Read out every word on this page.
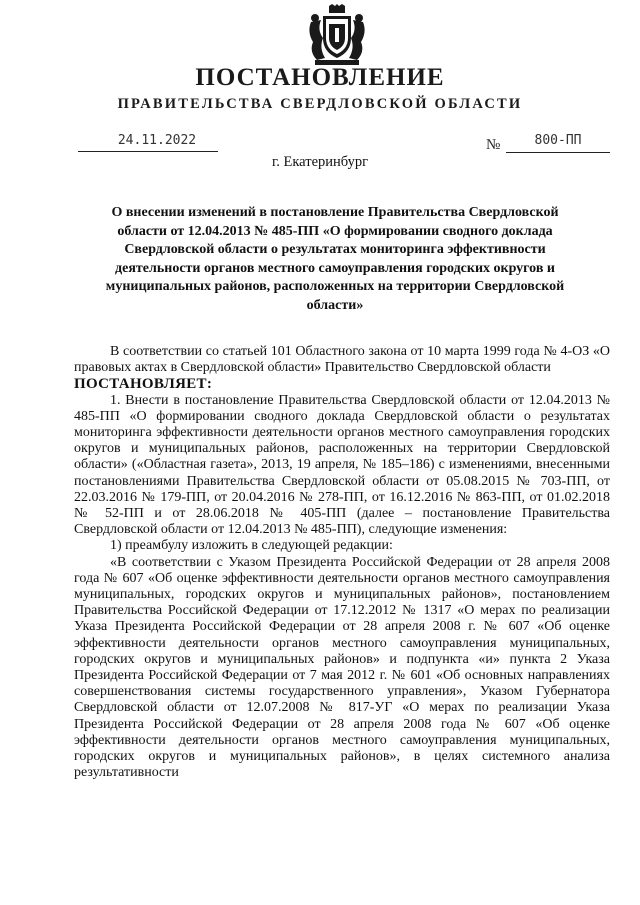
ПОСТАНОВЛЕНИЕ
ПРАВИТЕЛЬСТВА СВЕРДЛОВСКОЙ ОБЛАСТИ
24.11.2022	№	800-ПП
г. Екатеринбург
О внесении изменений в постановление Правительства Свердловской области от 12.04.2013 № 485-ПП «О формировании сводного доклада Свердловской области о результатах мониторинга эффективности деятельности органов местного самоуправления городских округов и муниципальных районов, расположенных на территории Свердловской области»

В соответствии со статьей 101 Областного закона от 10 марта 1999 года № 4-ОЗ «О правовых актах в Свердловской области» Правительство Свердловской области

ПОСТАНОВЛЯЕТ:

1. Внести в постановление Правительства Свердловской области от 12.04.2013 № 485-ПП «О формировании сводного доклада Свердловской области о результатах мониторинга эффективности деятельности органов местного самоуправления городских округов и муниципальных районов, расположенных на территории Свердловской области» («Областная газета», 2013, 19 апреля, № 185–186) с изменениями, внесенными постановлениями Правительства Свердловской области от 05.08.2015 № 703-ПП, от 22.03.2016 № 179-ПП, от 20.04.2016 № 278-ПП, от 16.12.2016 № 863-ПП, от 01.02.2018 № 52-ПП и от 28.06.2018 № 405-ПП (далее – постановление Правительства Свердловской области от 12.04.2013 № 485-ПП), следующие изменения:

1) преамбулу изложить в следующей редакции:

«В соответствии с Указом Президента Российской Федерации от 28 апреля 2008 года № 607 «Об оценке эффективности деятельности органов местного самоуправления муниципальных, городских округов и муниципальных районов», постановлением Правительства Российской Федерации от 17.12.2012 № 1317 «О мерах по реализации Указа Президента Российской Федерации от 28 апреля 2008 г. № 607 «Об оценке эффективности деятельности органов местного самоуправления муниципальных, городских округов и муниципальных районов» и подпункта «и» пункта 2 Указа Президента Российской Федерации от 7 мая 2012 г. № 601 «Об основных направлениях совершенствования системы государственного управления», Указом Губернатора Свердловской области от 12.07.2008 № 817-УГ «О мерах по реализации Указа Президента Российской Федерации от 28 апреля 2008 года № 607 «Об оценке эффективности деятельности органов местного самоуправления муниципальных, городских округов и муниципальных районов», в целях системного анализа результативности
